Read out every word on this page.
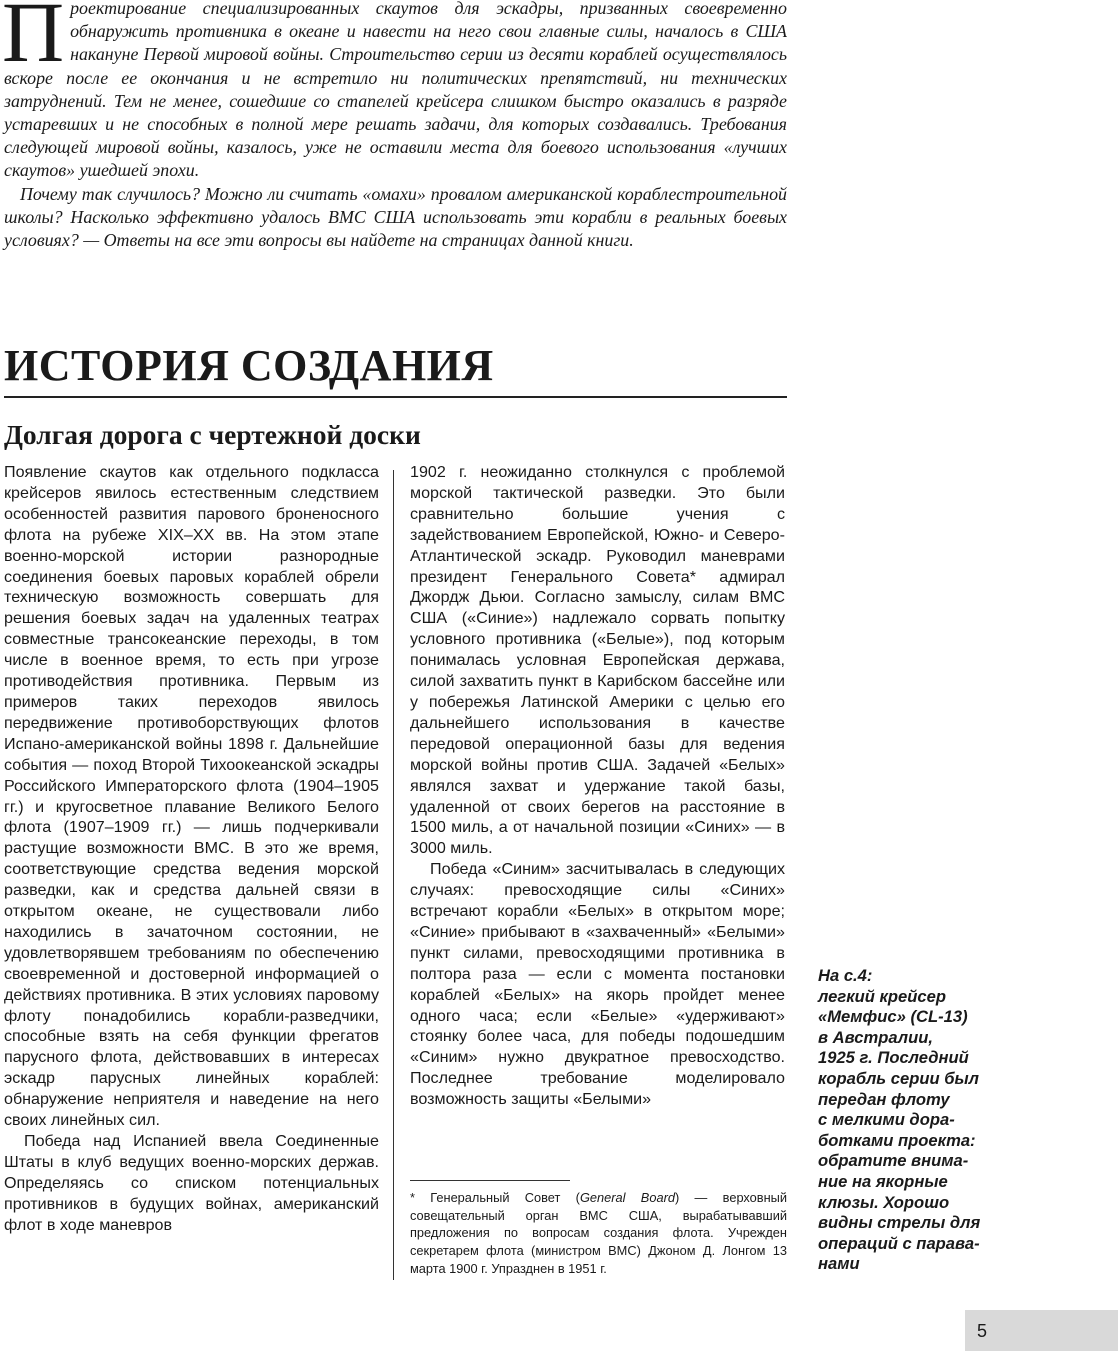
Проектирование специализированных скаутов для эскадры, призванных своевременно обнаружить противника в океане и навести на него свои главные силы, началось в США накануне Первой мировой войны. Строительство серии из десяти кораблей осуществлялось вскоре после ее окончания и не встретило ни политических препятствий, ни технических затруднений. Тем не менее, сошедшие со стапелей крейсера слишком быстро оказались в разряде устаревших и не способных в полной мере решать задачи, для которых создавались. Требования следующей мировой войны, казалось, уже не оставили места для боевого использования «лучших скаутов» ушедшей эпохи.

Почему так случилось? Можно ли считать «омахи» провалом американской кораблестроительной школы? Насколько эффективно удалось ВМС США использовать эти корабли в реальных боевых условиях? — Ответы на все эти вопросы вы найдете на страницах данной книги.

ИСТОРИЯ СОЗДАНИЯ
Долгая дорога с чертежной доски

Появление скаутов как отдельного подкласса крейсеров явилось естественным следствием особенностей развития парового броненосного флота на рубеже XIX–XX вв. На этом этапе военно-морской истории разнородные соединения боевых паровых кораблей обрели техническую возможность совершать для решения боевых задач на удаленных театрах совместные трансокеанские переходы, в том числе в военное время, то есть при угрозе противодействия противника. Первым из примеров таких переходов явилось передвижение противоборствующих флотов Испано-американской войны 1898 г. Дальнейшие события — поход Второй Тихоокеанской эскадры Российского Императорского флота (1904–1905 гг.) и кругосветное плавание Великого Белого флота (1907–1909 гг.) — лишь подчеркивали растущие возможности ВМС. В это же время, соответствующие средства ведения морской разведки, как и средства дальней связи в открытом океане, не существовали либо находились в зачаточном состоянии, не удовлетворявшем требованиям по обеспечению своевременной и достоверной информацией о действиях противника. В этих условиях паровому флоту понадобились корабли-разведчики, способные взять на себя функции фрегатов парусного флота, действовавших в интересах эскадр парусных линейных кораблей: обнаружение неприятеля и наведение на него своих линейных сил.

Победа над Испанией ввела Соединенные Штаты в клуб ведущих военно-морских держав. Определяясь со списком потенциальных противников в будущих войнах, американский флот в ходе маневров

1902 г. неожиданно столкнулся с проблемой морской тактической разведки. Это были сравнительно большие учения с задействованием Европейской, Южно- и Северо-Атлантической эскадр. Руководил маневрами президент Генерального Совета* адмирал Джордж Дьюи. Согласно замыслу, силам ВМС США («Синие») надлежало сорвать попытку условного противника («Белые»), под которым понималась условная Европейская держава, силой захватить пункт в Карибском бассейне или у побережья Латинской Америки с целью его дальнейшего использования в качестве передовой операционной базы для ведения морской войны против США. Задачей «Белых» являлся захват и удержание такой базы, удаленной от своих берегов на расстояние в 1500 миль, а от начальной позиции «Синих» — в 3000 миль.

Победа «Синим» засчитывалась в следующих случаях: превосходящие силы «Синих» встречают корабли «Белых» в открытом море; «Синие» прибывают в «захваченный» «Белыми» пункт силами, превосходящими противника в полтора раза — если с момента постановки кораблей «Белых» на якорь пройдет менее одного часа; если «Белые» «удерживают» стоянку более часа, для победы подошедшим «Синим» нужно двукратное превосходство. Последнее требование моделировало возможность защиты «Белыми»

* Генеральный Совет (General Board) — верховный совещательный орган ВМС США, вырабатывавший предложения по вопросам создания флота. Учрежден секретарем флота (министром ВМС) Джоном Д. Лонгом 13 марта 1900 г. Упразднен в 1951 г.

На с.4:
легкий крейсер
«Мемфис» (CL-13)
в Австралии,
1925 г. Последний
корабль серии был
передан флоту
с мелкими дора-
ботками проекта:
обратите внима-
ние на якорные
клюзы. Хорошо
видны стрелы для
операций с парава-
нами
5
